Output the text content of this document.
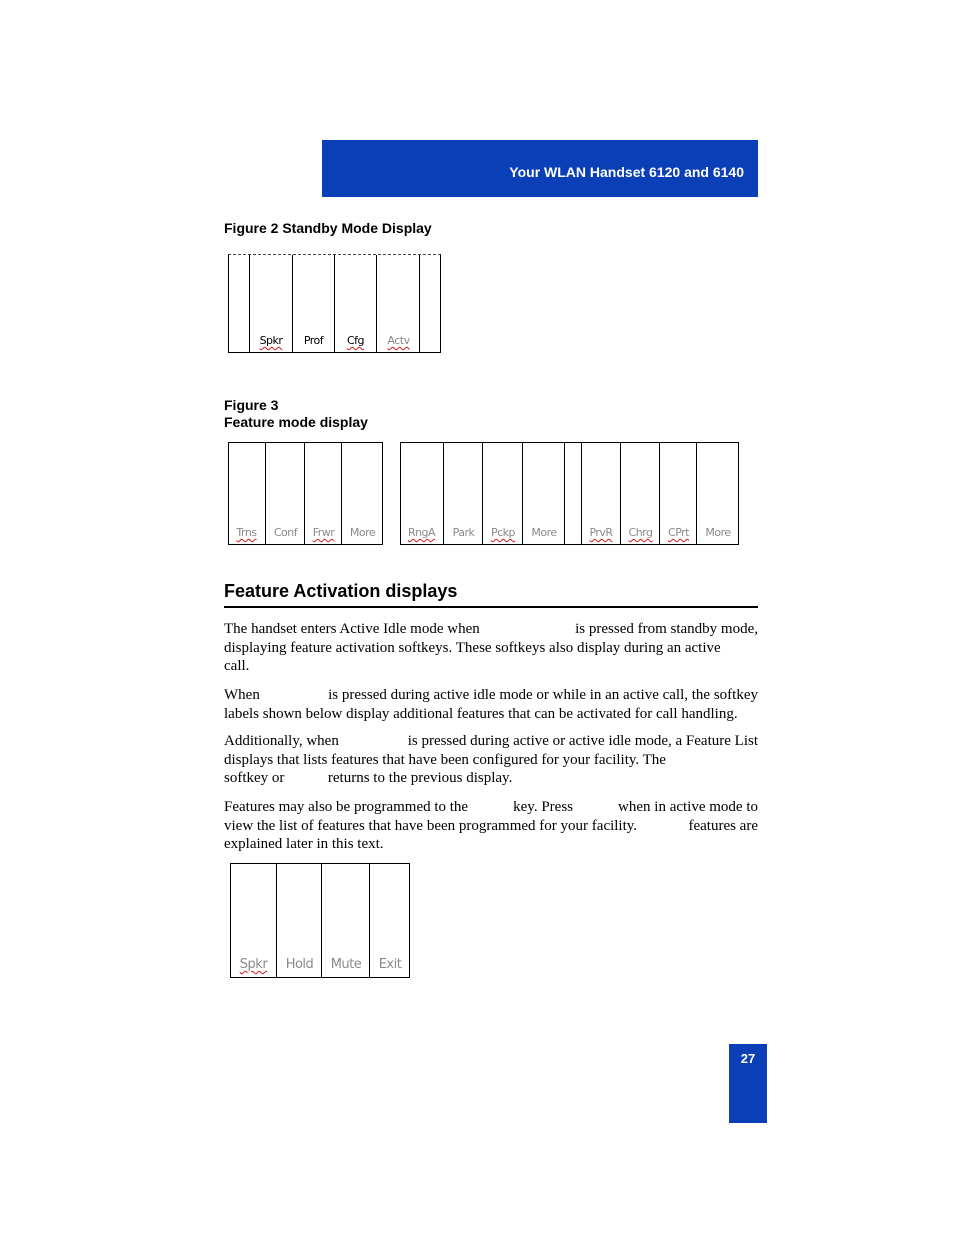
Your WLAN Handset 6120 and 6140
Figure 2 Standby Mode Display
Spkr	Prof	Cfg	Actv
Figure 3
Feature mode display
Trns	Conf	Frwr	More	RngA	Park	Pckp	More	PrvR	Chrg	CPrt	More
Feature Activation displays

The handset enters Active Idle mode when	is pressed from standby mode,

displaying feature activation softkeys. These softkeys also display during an active

call.

When	is pressed during active idle mode or while in an active call, the softkey

labels shown below display additional features that can be activated for call handling.

Additionally, when	is pressed during active or active idle mode, a Feature List

displays that lists features that have been configured for your facility. The

softkey or	returns to the previous display.

Features may also be programmed to the	key. Press	when in active mode to

view the list of features that have been programmed for your facility.	features are

explained later in this text.

Spkr	Hold	Mute	Exit
27
